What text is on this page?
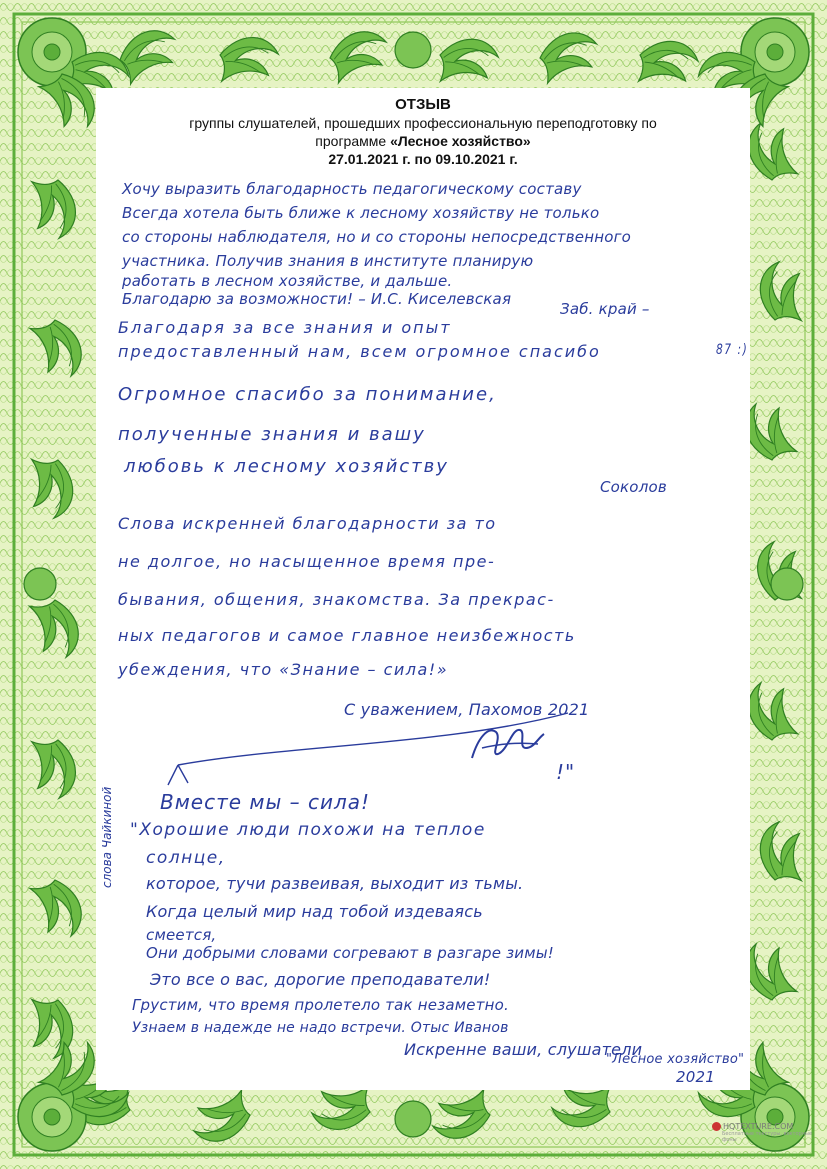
ОТЗЫВ
группы слушателей, прошедших профессиональную переподготовку по
программе «Лесное хозяйство»
27.01.2021 г. по 09.10.2021 г.
Хочу выразить благодарность педагогическому составу
Всегда хотела быть ближе к лесному хозяйству не только
со стороны наблюдателя, но и со стороны непосредственного
участника. Получив знания в институте планирую
работать в лесном хозяйстве, и дальше.
Благодарю за возможности! – И.С. Киселевская
Заб. край –
Благодаря за все знания и опыт
предоставленный нам, всем огромное спасибо	87 :)
Огромное спасибо за понимание,
полученные знания и вашу
любовь к лесному хозяйству
Соколов
Слова искренней благодарности за то
не долгое, но насыщенное время пре-
бывания, общения, знакомства. За прекрас-
ных педагогов и самое главное неизбежность
убеждения, что «Знание – сила!»
С уважением, Пахомов 2021
Вместе мы – сила!
!"
"Хорошие люди похожи на теплое
солнце,
которое, тучи развеивая, выходит из тьмы.
Когда целый мир над тобой издеваясь
смеется,
Они добрыми словами согревают в разгаре зимы!
Это все о вас, дорогие преподаватели!
Грустим, что время пролетело так незаметно.
Узнаем в надежде не надо встречи. Отыс Иванов
Искренне ваши, слушатели
"Лесное хозяйство"
2021
слова Чайкиной
HQTEXTURE.COM
Бесплатные текстуры, векторные фоны
